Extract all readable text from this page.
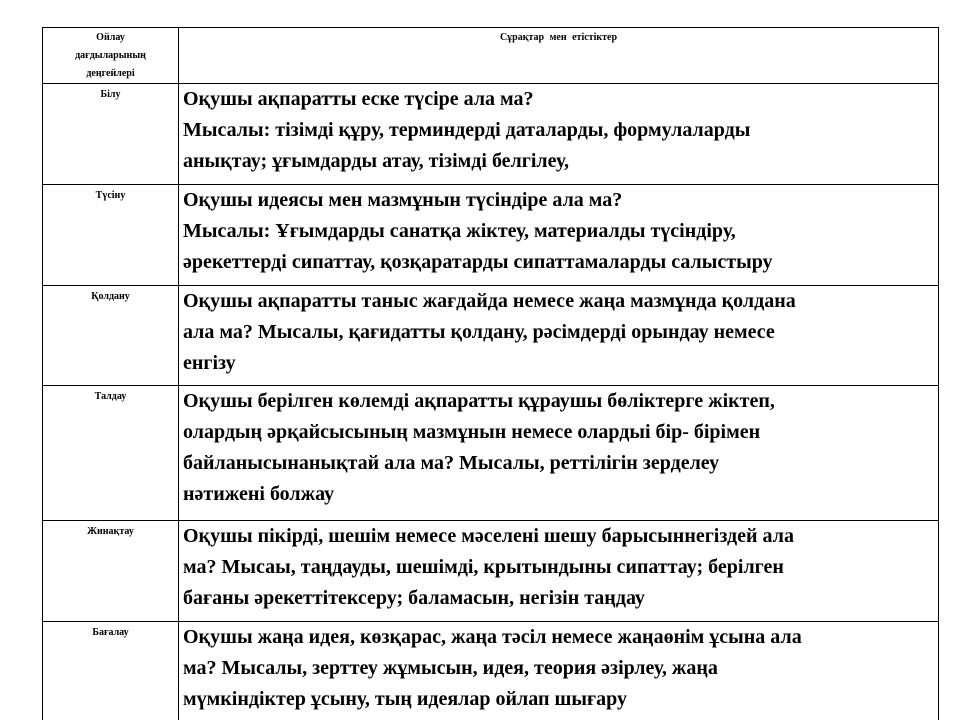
Ойлау
дағдыларының
деңгейлері	Сұрақтар мен етістіктер
Білу	Оқушы ақпаратты еске түсіре ала ма?
Мысалы: тізімді құру, терминдерді даталарды, формулаларды
анықтау; ұғымдарды атау, тізімді белгілеу,

Түсіну	Оқушы идеясы мен мазмұнын түсіндіре ала ма?
Мысалы: Ұғымдарды санатқа жіктеу, материалды түсіндіру,
әрекеттерді сипаттау, қозқаратарды сипаттамаларды салыстыру

Қолдану	Оқушы ақпаратты таныс жағдайда немесе жаңа мазмұнда қолдана
ала ма? Мысалы, қағидатты қолдану, рәсімдерді орындау немесе
енгізу

Талдау	Оқушы берілген көлемді ақпаратты құраушы бөліктерге жіктеп,
олардың әрқайсысының мазмұнын немесе олардыі бір- бірімен
байланысынанықтай ала ма? Мысалы, реттілігін зерделеу
нәтижені болжау

Жинақтау	Оқушы пікірді, шешім немесе мәселені шешу барысыннегіздей ала
ма? Мысаы, таңдауды, шешімді, крытындыны сипаттау; берілген
бағаны әрекеттітексеру; баламасын, негізін таңдау

Бағалау	Оқушы жаңа идея, көзқарас, жаңа тәсіл немесе жаңаөнім ұсына ала
ма? Мысалы, зерттеу жұмысын, идея, теория әзірлеу, жаңа
мүмкіндіктер ұсыну, тың идеялар ойлап шығару
